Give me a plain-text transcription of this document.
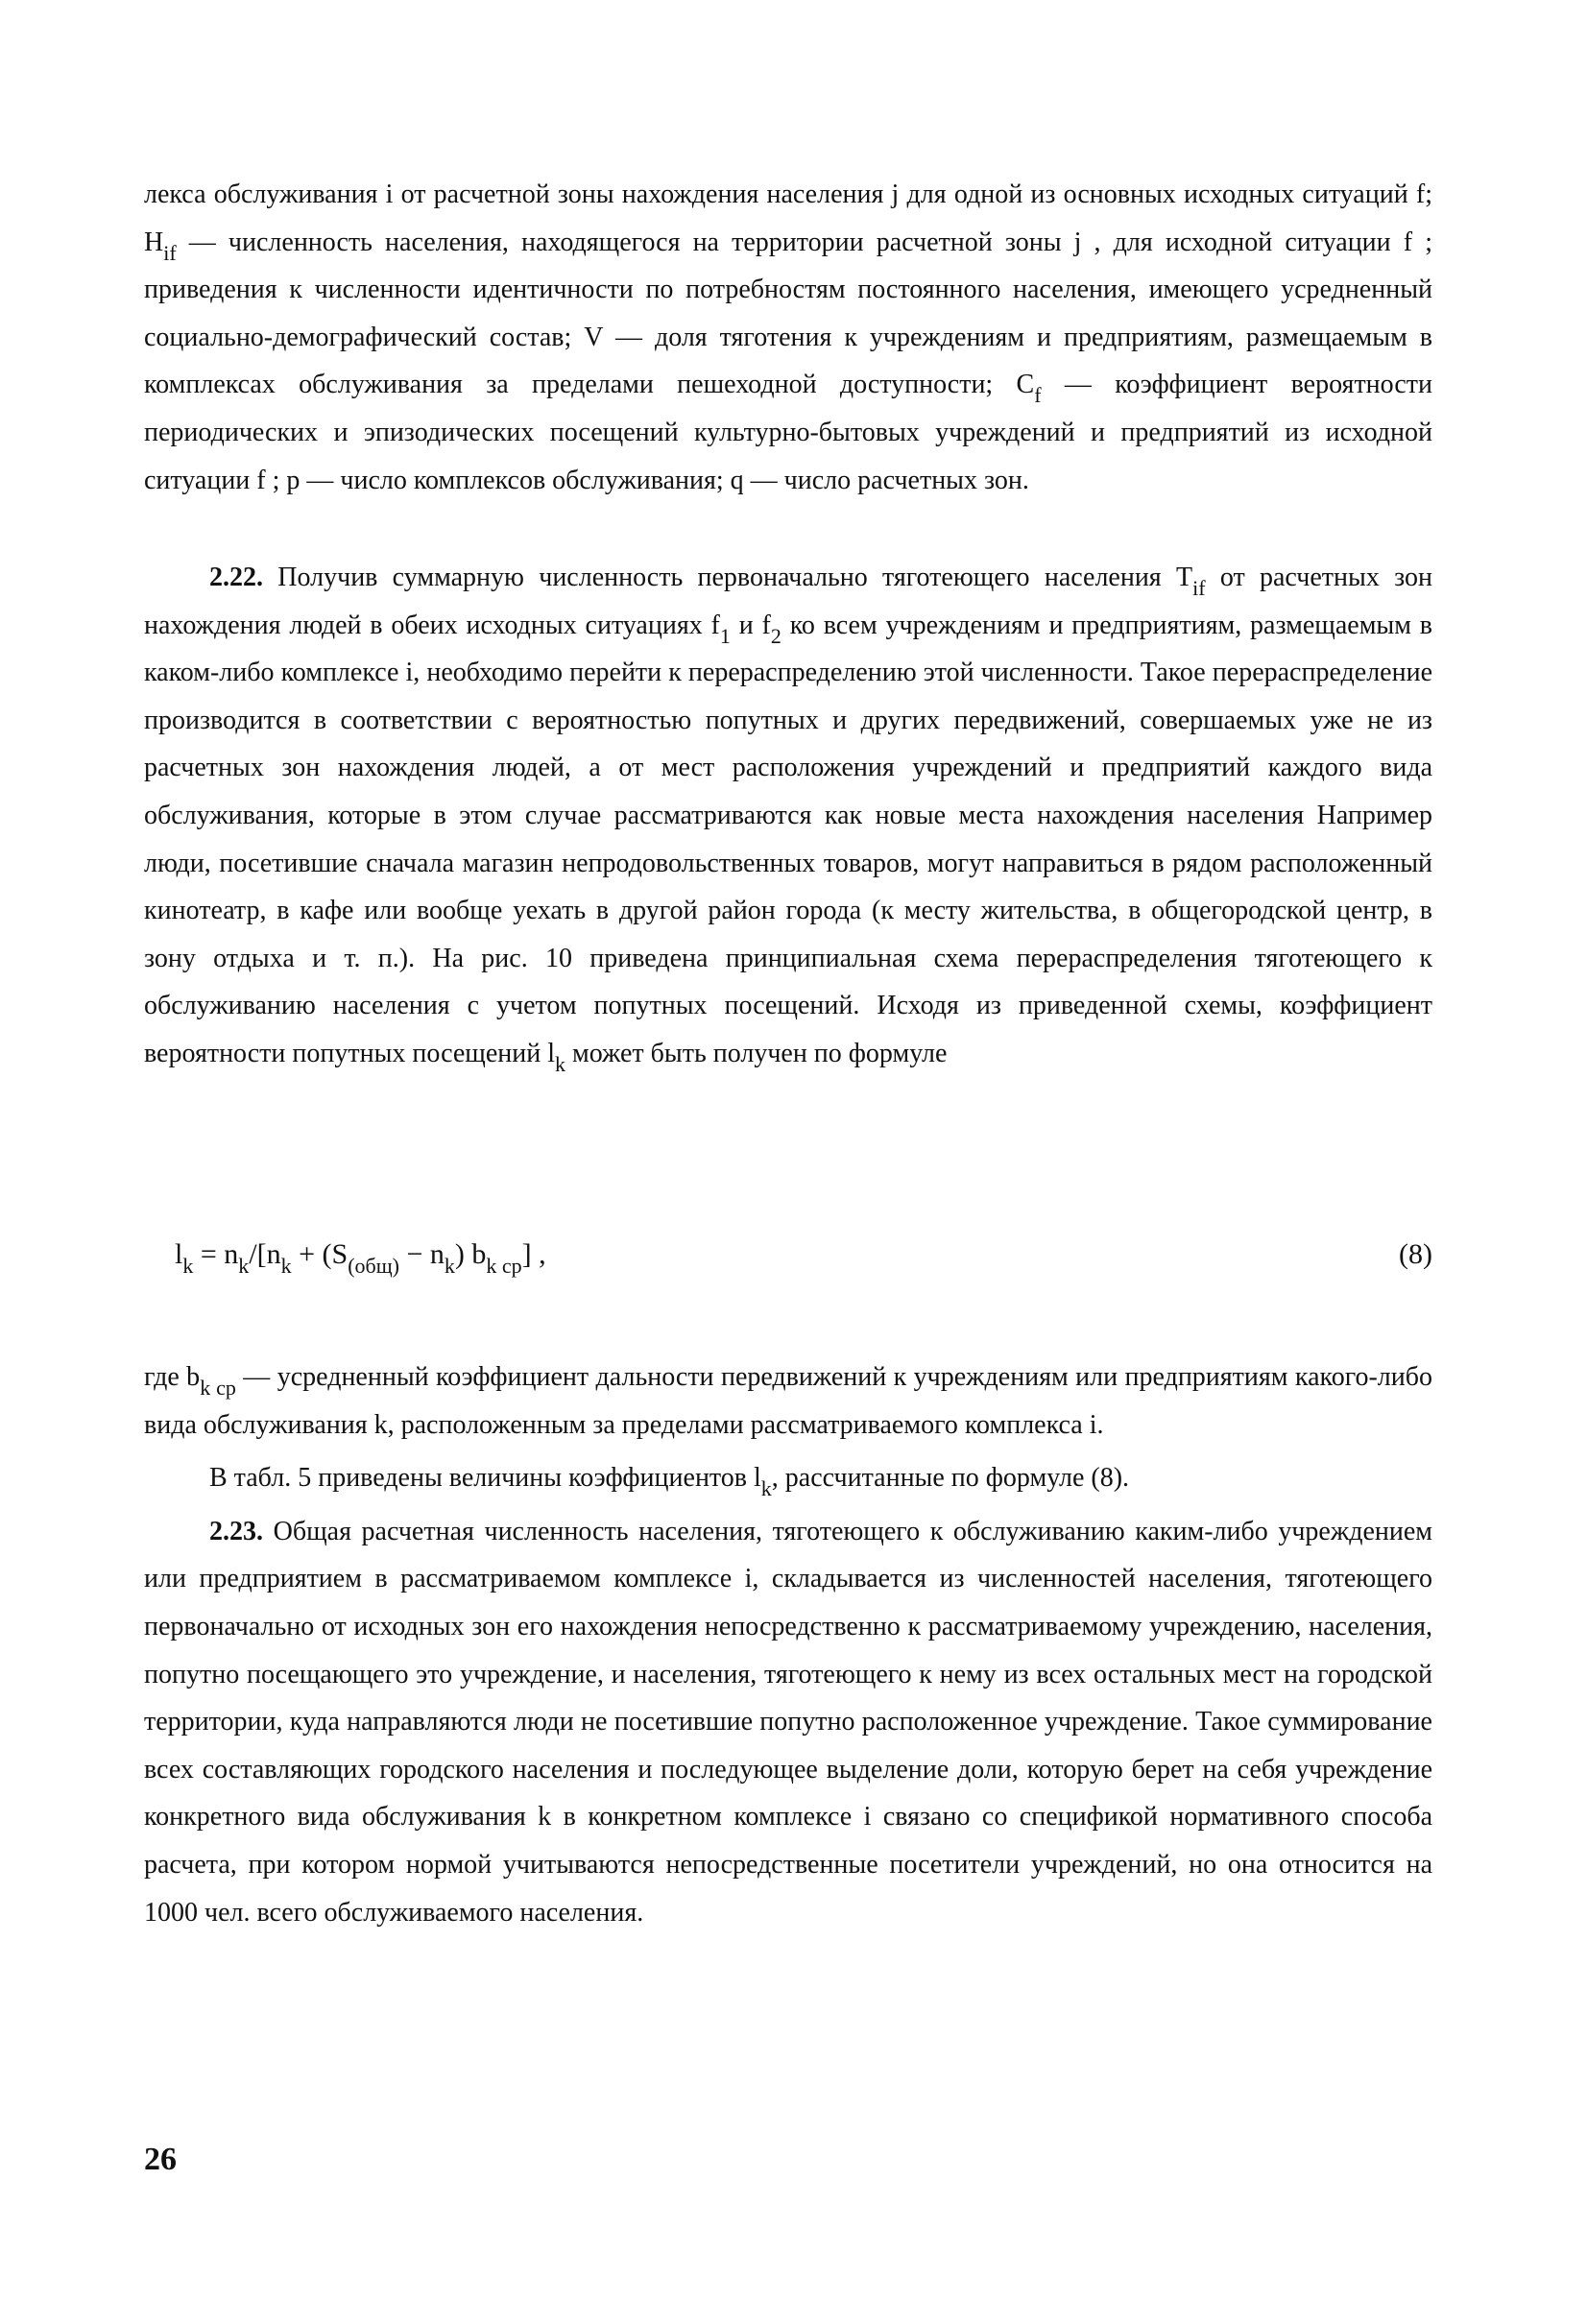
лекса обслуживания i от расчетной зоны нахождения населения j для одной из основных исходных ситуаций f; $H_{if}$ — численность населения, находящегося на территории расчетной зоны j , для исходной ситуации f ; приведения к численности идентичности по потребностям постоянного населения, имеющего усредненный социально-демографический состав; V — доля тяготения к учреждениям и предприятиям, размещаемым в комплексах обслуживания за пределами пешеходной доступности; $C_f$ — коэффициент вероятности периодических и эпизодических посещений культурно-бытовых учреждений и предприятий из исходной ситуации f ; p — число комплексов обслуживания; q — число расчетных зон.

2.22. Получив суммарную численность первоначально тяготеющего населения $T_{if}$ от расчетных зон нахождения людей в обеих исходных ситуациях $f_1$ и $f_2$ ко всем учреждениям и предприятиям, размещаемым в каком-либо комплексе i, необходимо перейти к перераспределению этой численности. Такое перераспределение производится в соответствии с вероятностью попутных и других передвижений, совершаемых уже не из расчетных зон нахождения людей, а от мест расположения учреждений и предприятий каждого вида обслуживания, которые в этом случае рассматриваются как новые места нахождения населения Например люди, посетившие сначала магазин непродовольственных товаров, могут направиться в рядом расположенный кинотеатр, в кафе или вообще уехать в другой район города (к месту жительства, в общегородской центр, в зону отдыха и т. п.). На рис. 10 приведена принципиальная схема перераспределения тяготеющего к обслуживанию населения с учетом попутных посещений. Исходя из приведенной схемы, коэффициент вероятности попутных посещений $l_k$ может быть получен по формуле

$l_k = n_k/[n_k + (S_{(общ)} - n_k)$ $b_{k ср}$] ,	(8)

где $b_{k ср}$ — усредненный коэффициент дальности передвижений к учреждениям или предприятиям какого-либо вида обслуживания k, расположенным за пределами рассматриваемого комплекса i.

В табл. 5 приведены величины коэффициентов $l_k$, рассчитанные по формуле (8).

2.23. Общая расчетная численность населения, тяготеющего к обслуживанию каким-либо учреждением или предприятием в рассматриваемом комплексе i, складывается из численностей населения, тяготеющего первоначально от исходных зон его нахождения непосредственно к рассматриваемому учреждению, населения, попутно посещающего это учреждение, и населения, тяготеющего к нему из всех остальных мест на городской территории, куда направляются люди не посетившие попутно расположенное учреждение. Такое суммирование всех составляющих городского населения и последующее выделение доли, которую берет на себя учреждение конкретного вида обслуживания k в конкретном комплексе i связано со спецификой нормативного способа расчета, при котором нормой учитываются непосредственные посетители учреждений, но она относится на 1000 чел. всего обслуживаемого населения.

26
